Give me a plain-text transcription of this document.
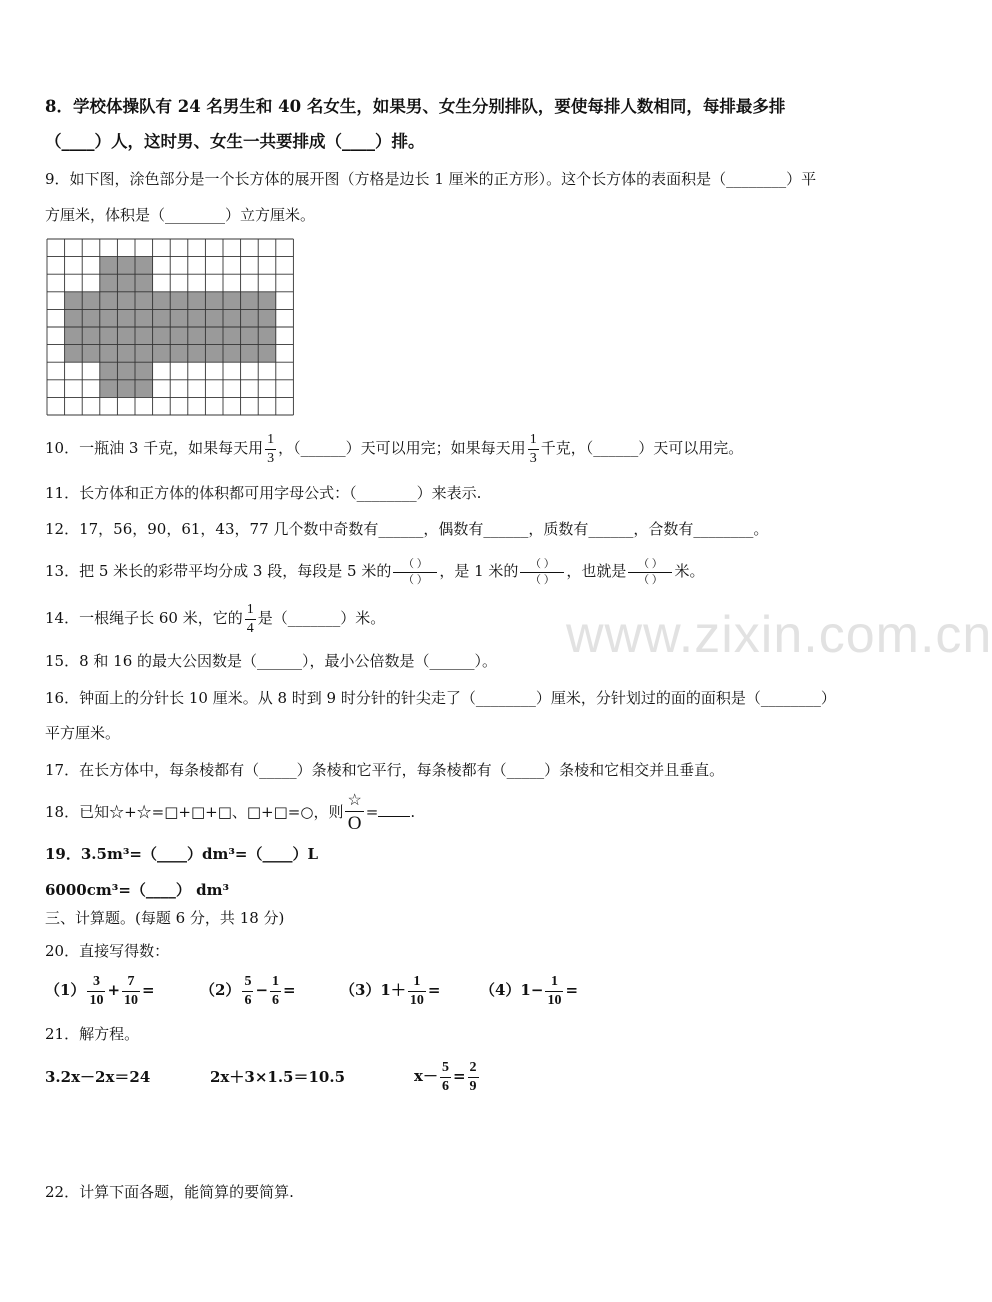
8．学校体操队有 24 名男生和 40 名女生，如果男、女生分别排队，要使每排人数相同，每排最多排
（____）人，这时男、女生一共要排成（____）排。
9．如下图，涂色部分是一个长方体的展开图（方格是边长 1 厘米的正方形）。这个长方体的表面积是（________）平
方厘米，体积是（________）立方厘米。
10．一瓶油 3 千克，如果每天用 $\frac{1}{3}$ ，（______）天可以用完；如果每天用 $\frac{1}{3}$ 千克，（______）天可以用完。
11．长方体和正方体的体积都可用字母公式：（________）来表示.
12．17，56，90，61，43，77 几个数中奇数有______，偶数有______，质数有______，合数有________。
13．把 5 米长的彩带平均分成 3 段，每段是 5 米的 $\frac{( )}{( )}$ ，是 1 米的 $\frac{( )}{( )}$ ，也就是 $\frac{( )}{( )}$ 米。
14．一根绳子长 60 米，它的 $\frac{1}{4}$ 是（_______）米。	www.zixin.com.cn
15．8 和 16 的最大公因数是（______），最小公倍数是（______）。
16．钟面上的分针长 10 厘米。从 8 时到 9 时分针的针尖走了（________）厘米，分针划过的面的面积是（________）
平方厘米。
17．在长方体中，每条棱都有（_____）条棱和它平行，每条棱都有（_____）条棱和它相交并且垂直。
18．已知☆+☆=□+□+□、□+□=○，则 $\frac{☆}{O}$ = .
19．3.5m³=（____）dm³=（____）L
6000cm³=（____） dm³
三、计算题。(每题 6 分，共 18 分)
20．直接写得数：
$(1) \frac{3}{10} + \frac{7}{10}$ =	$(2) \frac{5}{6} - \frac{1}{6}$ =	$(3)1+ \frac{1}{10}$ =	$(4)1- \frac{1}{10}$ =
21．解方程。
3.2x－2x＝24	2x＋3×1.5＝10.5	$x- \frac{5}{6} = \frac{2}{9}$
22．计算下面各题，能简算的要简算.
